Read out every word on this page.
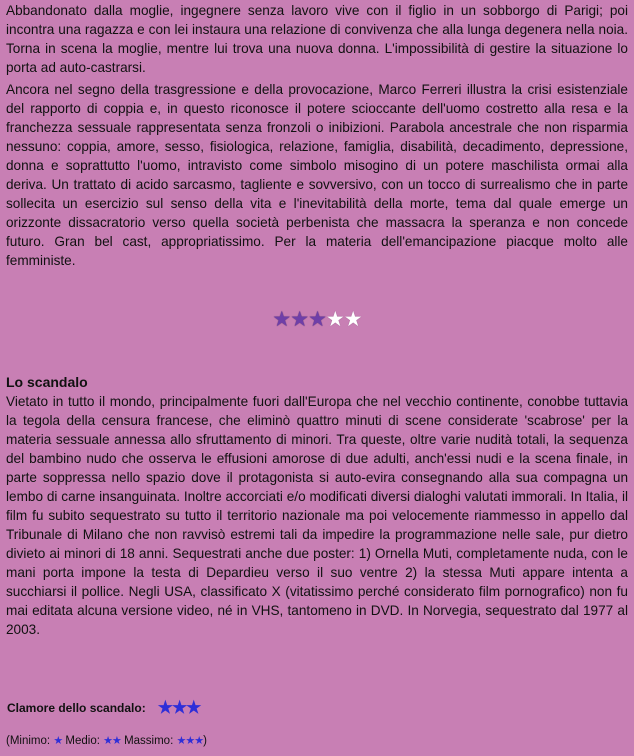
Abbandonato dalla moglie, ingegnere senza lavoro vive con il figlio in un sobborgo di Parigi; poi incontra una ragazza e con lei instaura una relazione di convivenza che alla lunga degenera nella noia. Torna in scena la moglie, mentre lui trova una nuova donna. L'impossibilità di gestire la situazione lo porta ad auto-castrarsi.

Ancora nel segno della trasgressione e della provocazione, Marco Ferreri illustra la crisi esistenziale del rapporto di coppia e, in questo riconosce il potere scioccante dell'uomo costretto alla resa e la franchezza sessuale rappresentata senza fronzoli o inibizioni. Parabola ancestrale che non risparmia nessuno: coppia, amore, sesso, fisiologica, relazione, famiglia, disabilità, decadimento, depressione, donna e soprattutto l'uomo, intravisto come simbolo misogino di un potere maschilista ormai alla deriva. Un trattato di acido sarcasmo, tagliente e sovversivo, con un tocco di surrealismo che in parte sollecita un esercizio sul senso della vita e l'inevitabilità della morte, tema dal quale emerge un orizzonte dissacratorio verso quella società perbenista che massacra la speranza e non concede futuro. Gran bel cast, appropriatissimo. Per la materia dell'emancipazione piacque molto alle femministe.

★★★★★
Lo scandalo

Vietato in tutto il mondo, principalmente fuori dall'Europa che nel vecchio continente, conobbe tuttavia la tegola della censura francese, che eliminò quattro minuti di scene considerate 'scabrose' per la materia sessuale annessa allo sfruttamento di minori. Tra queste, oltre varie nudità totali, la sequenza del bambino nudo che osserva le effusioni amorose di due adulti, anch'essi nudi e la scena finale, in parte soppressa nello spazio dove il protagonista si auto-evira consegnando alla sua compagna un lembo di carne insanguinata. Inoltre accorciati e/o modificati diversi dialoghi valutati immorali. In Italia, il film fu subito sequestrato su tutto il territorio nazionale ma poi velocemente riammesso in appello dal Tribunale di Milano che non ravvisò estremi tali da impedire la programmazione nelle sale, pur dietro divieto ai minori di 18 anni. Sequestrati anche due poster: 1) Ornella Muti, completamente nuda, con le mani porta impone la testa di Depardieu verso il suo ventre 2) la stessa Muti appare intenta a succhiarsi il pollice. Negli USA, classificato X (vitatissimo perché considerato film pornografico) non fu mai editata alcuna versione video, né in VHS, tantomeno in DVD. In Norvegia, sequestrato dal 1977 al 2003.

Clamore dello scandalo: ★★★
(Minimo: ★ Medio: ★★ Massimo: ★★★)
